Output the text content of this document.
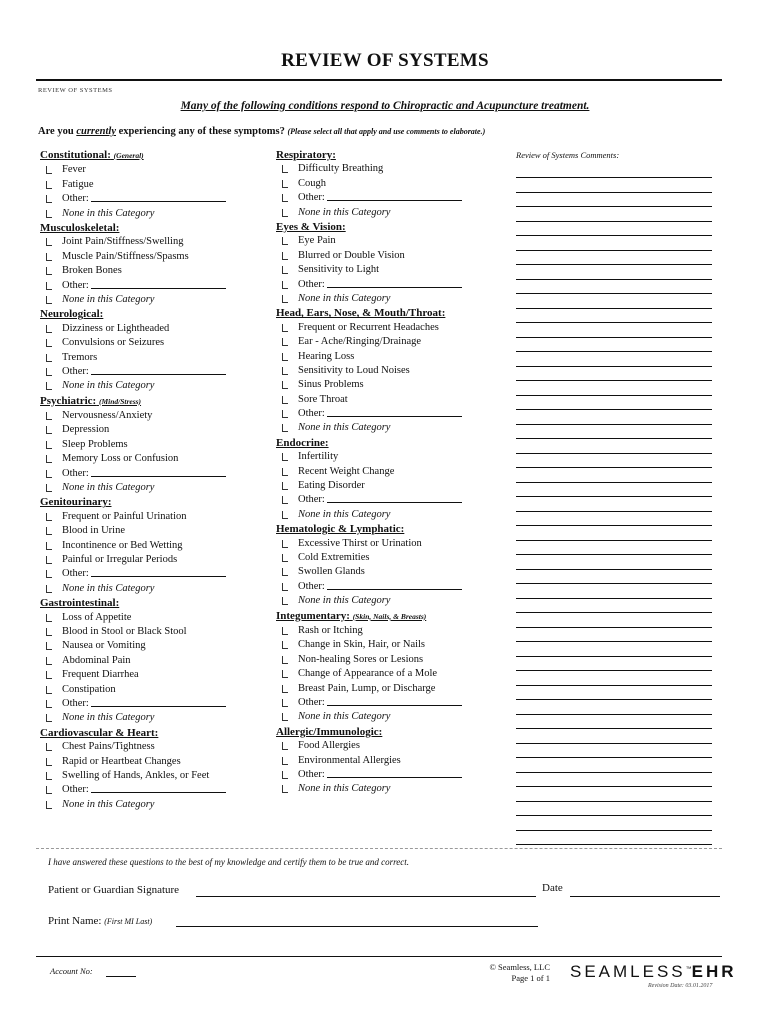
REVIEW OF SYSTEMS
REVIEW OF SYSTEMS
Many of the following conditions respond to Chiropractic and Acupuncture treatment.
Are you currently experiencing any of these symptoms? (Please select all that apply and use comments to elaborate.)
Constitutional: (General)
Fever
Fatigue
Other:
None in this Category
Musculoskeletal:
Joint Pain/Stiffness/Swelling
Muscle Pain/Stiffness/Spasms
Broken Bones
Other:
None in this Category
Neurological:
Dizziness or Lightheaded
Convulsions or Seizures
Tremors
Other:
None in this Category
Psychiatric: (Mind/Stress)
Nervousness/Anxiety
Depression
Sleep Problems
Memory Loss or Confusion
Other:
None in this Category
Genitourinary:
Frequent or Painful Urination
Blood in Urine
Incontinence or Bed Wetting
Painful or Irregular Periods
Other:
None in this Category
Gastrointestinal:
Loss of Appetite
Blood in Stool or Black Stool
Nausea or Vomiting
Abdominal Pain
Frequent Diarrhea
Constipation
Other:
None in this Category
Cardiovascular & Heart:
Chest Pains/Tightness
Rapid or Heartbeat Changes
Swelling of Hands, Ankles, or Feet
Other:
None in this Category
Respiratory:
Difficulty Breathing
Cough
Other:
None in this Category
Eyes & Vision:
Eye Pain
Blurred or Double Vision
Sensitivity to Light
Other:
None in this Category
Head, Ears, Nose, & Mouth/Throat:
Frequent or Recurrent Headaches
Ear - Ache/Ringing/Drainage
Hearing Loss
Sensitivity to Loud Noises
Sinus Problems
Sore Throat
Other:
None in this Category
Endocrine:
Infertility
Recent Weight Change
Eating Disorder
Other:
None in this Category
Hematologic & Lymphatic:
Excessive Thirst or Urination
Cold Extremities
Swollen Glands
Other:
None in this Category
Integumentary: (Skin, Nails, & Breasts)
Rash or Itching
Change in Skin, Hair, or Nails
Non-healing Sores or Lesions
Change of Appearance of a Mole
Breast Pain, Lump, or Discharge
Other:
None in this Category
Allergic/Immunologic:
Food Allergies
Environmental Allergies
Other:
None in this Category
Review of Systems Comments:
I have answered these questions to the best of my knowledge and certify them to be true and correct.
Patient or Guardian Signature	Date
Print Name: (First MI Last)
Account No:	© Seamless, LLC
Page 1 of 1 SEAMLESS™EHR
Revision Date: 03.01.2017
